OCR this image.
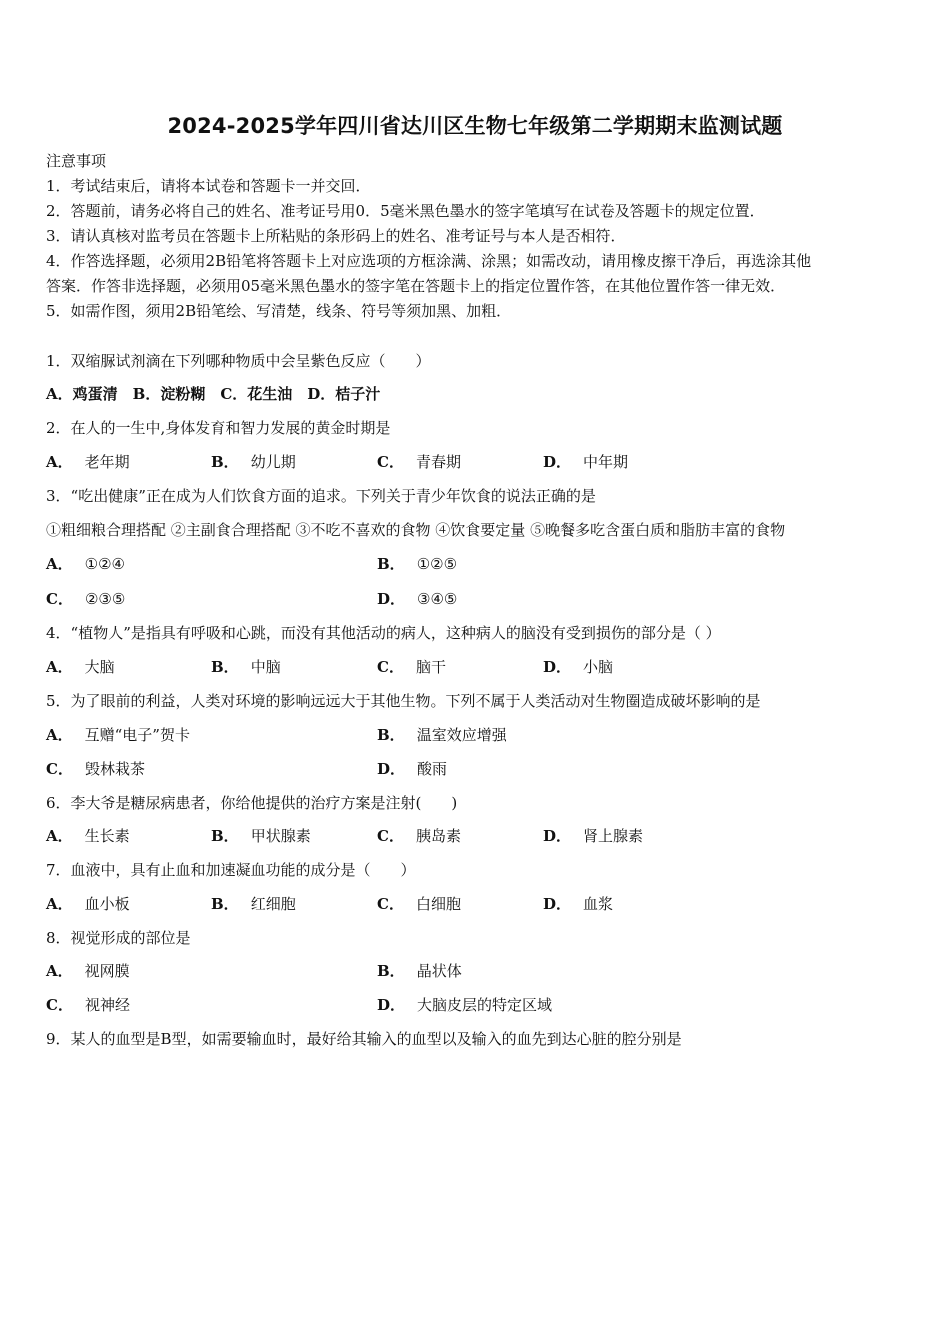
2024-2025学年四川省达川区生物七年级第二学期期末监测试题
注意事项
1．考试结束后，请将本试卷和答题卡一并交回．
2．答题前，请务必将自己的姓名、准考证号用0．5毫米黑色墨水的签字笔填写在试卷及答题卡的规定位置．
3．请认真核对监考员在答题卡上所粘贴的条形码上的姓名、准考证号与本人是否相符．
4．作答选择题，必须用2B铅笔将答题卡上对应选项的方框涂满、涂黑；如需改动，请用橡皮擦干净后，再选涂其他
答案．作答非选择题，必须用05毫米黑色墨水的签字笔在答题卡上的指定位置作答，在其他位置作答一律无效．
5．如需作图，须用2B铅笔绘、写清楚，线条、符号等须加黑、加粗．
1．双缩脲试剂滴在下列哪种物质中会呈紫色反应（　　）
A．鸡蛋清　B．淀粉糊　C．花生油　D．桔子汁
2．在人的一生中,身体发育和智力发展的黄金时期是
A． 老年期	B． 幼儿期	C． 青春期	D． 中年期
3．“吃出健康”正在成为人们饮食方面的追求。下列关于青少年饮食的说法正确的是
①粗细粮合理搭配 ②主副食合理搭配 ③不吃不喜欢的食物 ④饮食要定量 ⑤晚餐多吃含蛋白质和脂肪丰富的食物
A． ①②④	B． ①②⑤
C． ②③⑤	D． ③④⑤
4．“植物人”是指具有呼吸和心跳，而没有其他活动的病人，这种病人的脑没有受到损伤的部分是（ ）
A． 大脑	B． 中脑	C． 脑干	D． 小脑
5．为了眼前的利益，人类对环境的影响远远大于其他生物。下列不属于人类活动对生物圈造成破坏影响的是
A． 互赠“电子”贺卡	B． 温室效应增强
C． 毁林栽茶	D． 酸雨
6．李大爷是糖尿病患者，你给他提供的治疗方案是注射(　　)
A． 生长素	B． 甲状腺素	C． 胰岛素	D． 肾上腺素
7．血液中，具有止血和加速凝血功能的成分是（　　）
A． 血小板	B． 红细胞	C． 白细胞	D． 血浆
8．视觉形成的部位是
A． 视网膜	B． 晶状体
C． 视神经	D． 大脑皮层的特定区域
9．某人的血型是B型，如需要输血时，最好给其输入的血型以及输入的血先到达心脏的腔分别是
